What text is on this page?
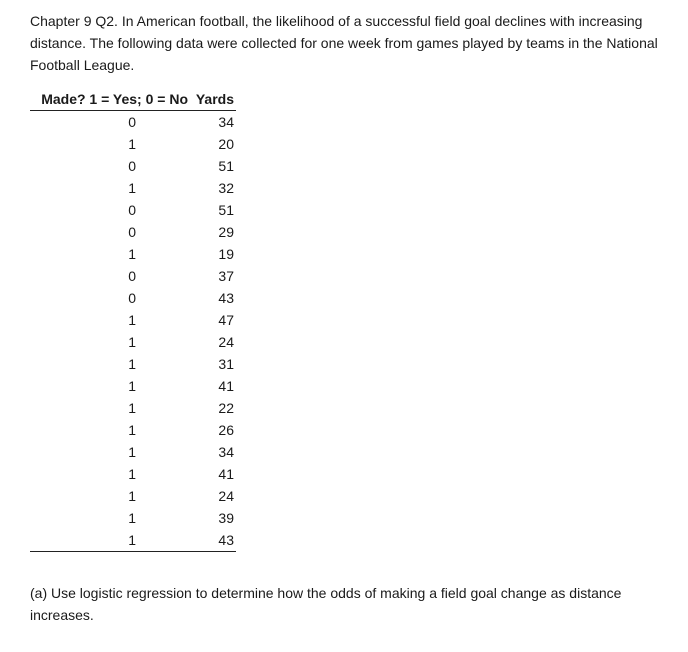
Chapter 9 Q2. In American football, the likelihood of a successful field goal declines with increasing distance. The following data were collected for one week from games played by teams in the National Football League.

Made? 1 = Yes; 0 = No	Yards
0	34
1	20
0	51
1	32
0	51
0	29
1	19
0	37
0	43
1	47
1	24
1	31
1	41
1	22
1	26
1	34
1	41
1	24
1	39
1	43

(a) Use logistic regression to determine how the odds of making a field goal change as distance increases.
